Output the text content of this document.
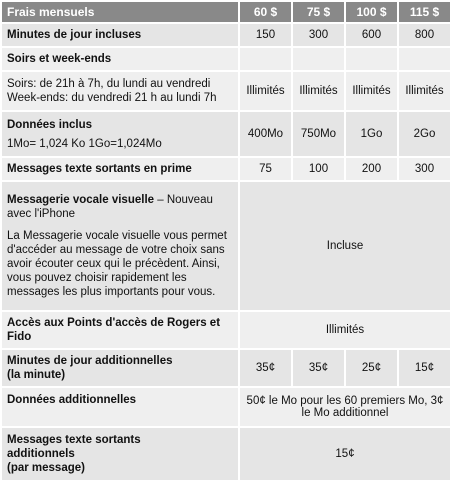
Frais mensuels	60 $	75 $	100 $	115 $
Minutes de jour incluses	150	300	600	800
Soirs et week-ends				

Soirs: de 21h à 7h, du lundi au vendredi
Week-ends: du vendredi 21 h au lundi 7h	Illimités	Illimités	Illimités	Illimités

Données inclus
1Mo= 1,024 Ko 1Go=1,024Mo	400Mo	750Mo	1Go	2Go
Messages texte sortants en prime	75	100	200	300

Messagerie vocale visuelle – Nouveau avec l'iPhone
La Messagerie vocale visuelle vous permet d'accéder au message de votre choix sans avoir écouter ceux qui le précèdent. Ainsi, vous pouvez choisir rapidement les messages les plus importants pour vous.	Incluse			
Accès aux Points d'accès de Rogers et Fido	Illimités			

Minutes de jour additionnelles
(la minute)	35¢	35¢	25¢	15¢
Données additionnelles	50¢ le Mo pour les 60 premiers Mo, 3¢ le Mo additionnel			

Messages texte sortants
additionnels
(par message)	15¢			
